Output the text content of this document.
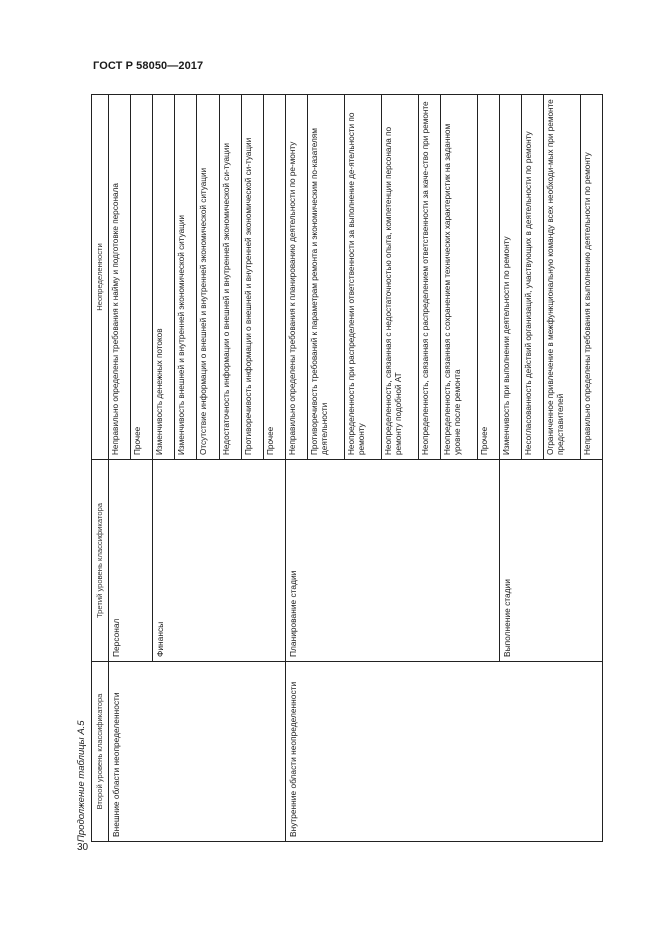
ГОСТ Р 58050—2017
Продолжение таблицы А.5 Второй уровень классификатора	Третий уровень классификатора	Неопределенности
Внешние области неопределенности	Персонал	Неправильно определены требования к найму и подготовке персонала
		Прочее
	Финансы	Изменчивость денежных потоков
		Изменчивость внешней и внутренней экономической ситуации
		Отсутствие информации о внешней и внутренней экономической ситуации
		Недостаточность информации о внешней и внутренней экономической си-туации
		Противоречивость информации о внешней и внутренней экономической си-туации
		Прочее
Внутренние области неопределенности	Планирование стадии	Неправильно определены требования к планированию деятельности по ре-монту
		Противоречивость требований к параметрам ремонта и экономическим по-казателям деятельности
		Неопределенность при распределении ответственности за выполнение де-ятельности по ремонту
		Неопределенность, связанная с недостаточностью опыта, компетенции персонала по ремонту подобной АТ
		Неопределенность, связанная с распределением ответственности за каче-ство при ремонте
		Неопределенность, связанная с сохранением технических характеристик на заданном уровне после ремонта
		Прочее
	Выполнение стадии	Изменчивость при выполнении деятельности по ремонту
		Несогласованность действий организаций, участвующих в деятельности по ремонту
		Ограниченное привлечение в межфункциональную команду всех необходи-мых при ремонте представителей
		Неправильно определены требования к выполнению деятельности по ремонту
30
